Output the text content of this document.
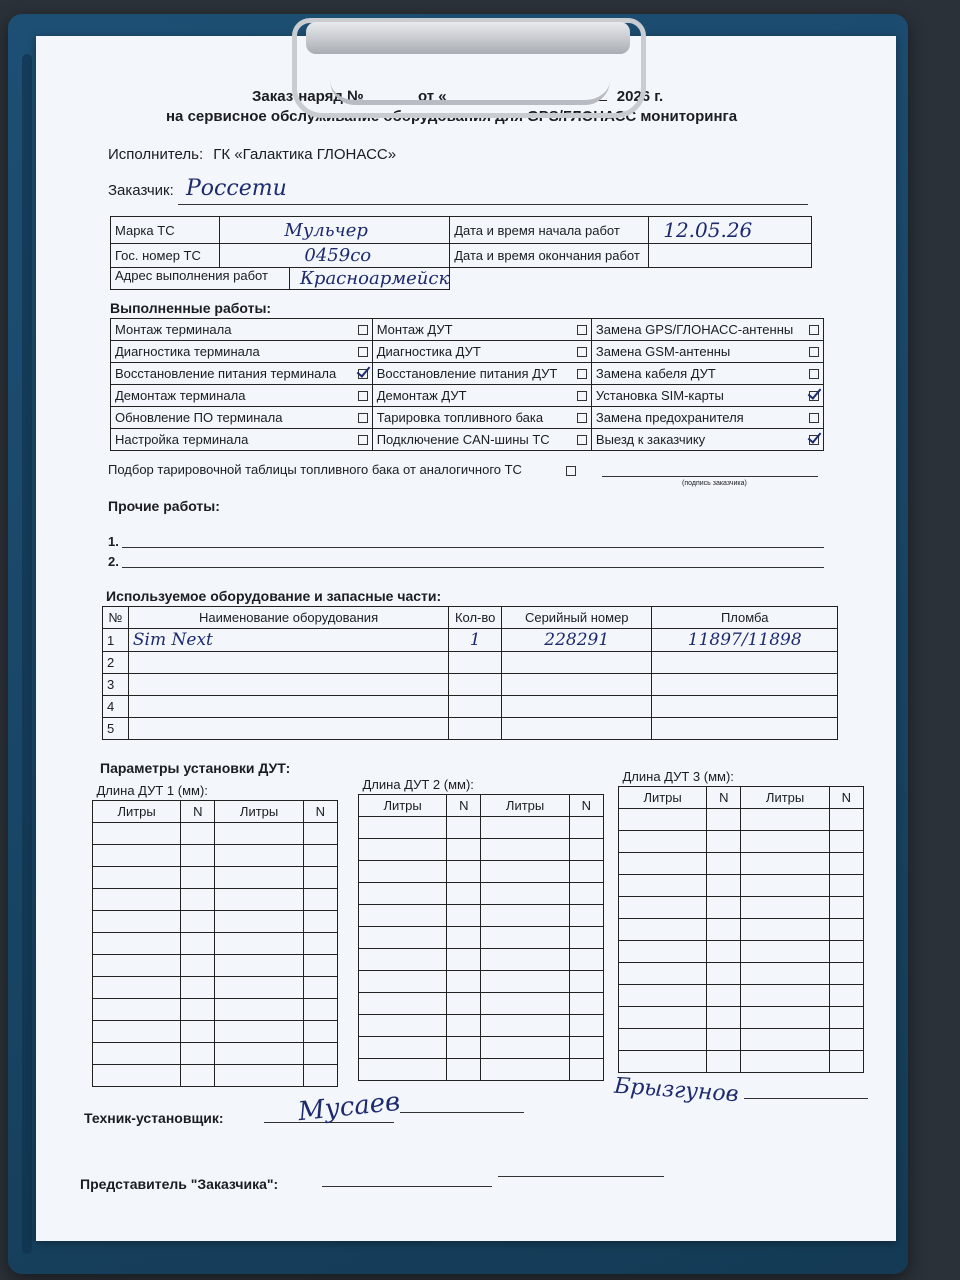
Заказ-наряд №	от «	2026 г.
на сервисное обслуживание оборудования для GPS/ГЛОНАСС мониторинга
Исполнитель: ГК «Галактика ГЛОНАСС»
Заказчик: Россети
Марка ТС	Мульчер	Дата и время начала работ	12.05.26
Гос. номер ТС	0459со	Дата и время окончания работ	

Адрес выполнения работ Красноармейск			

Выполненные работы:
Монтаж терминала	Монтаж ДУТ	Замена GPS/ГЛОНАСС-антенны

Диагностика терминала	Диагностика ДУТ	Замена GSM-антенны

Восстановление питания терминала	Восстановление питания ДУТ	Замена кабеля ДУТ

Демонтаж терминала	Демонтаж ДУТ	Установка SIM-карты

Обновление ПО терминала	Тарировка топливного бака	Замена предохранителя

Настройка терминала	Подключение CAN-шины ТС	Выезд к заказчику
Подбор тарировочной таблицы топливного бака от аналогичного ТС
(подпись заказчика)
Прочие работы:
1.
2.
Используемое оборудование и запасные части:
№	Наименование оборудования	Кол-во	Серийный номер	Пломба
1	Sim Next	1	228291	11897/11898
2				
3				
4				
5				
Параметры установки ДУТ:
Длина ДУТ 1 (мм):			
Литры	N	Литры	N

Длина ДУТ 2 (мм):			
Литры	N	Литры	N

Длина ДУТ 3 (мм):			
Литры	N	Литры	N

Техник-установщик:	Мусаев	Брызгунов
Представитель "Заказчика":
